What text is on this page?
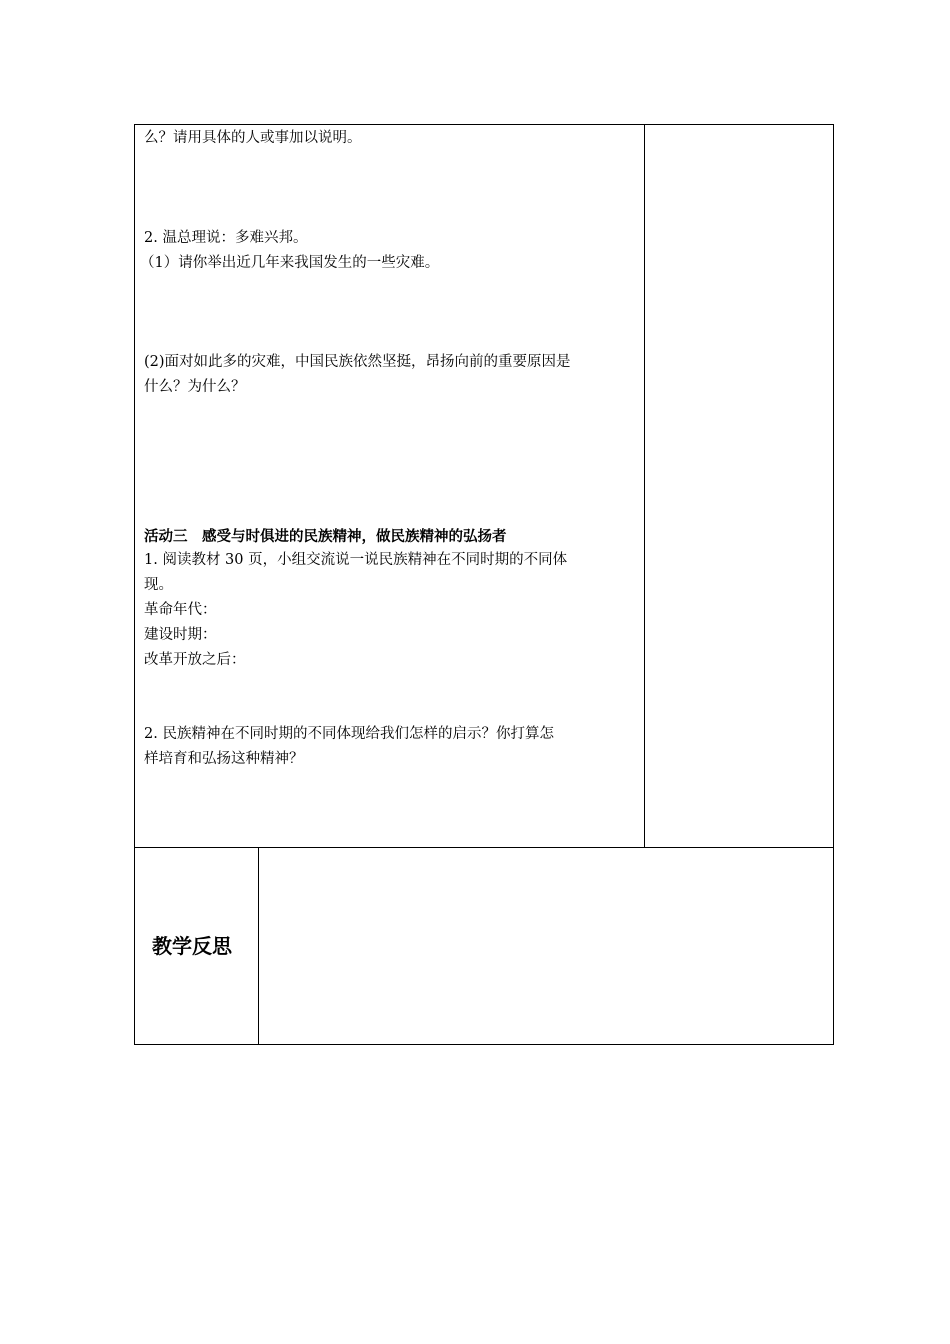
么？请用具体的人或事加以说明。
2. 温总理说：多难兴邦。
（1）请你举出近几年来我国发生的一些灾难。
(2)面对如此多的灾难，中国民族依然坚挺，昂扬向前的重要原因是
什么？为什么？
活动三　感受与时俱进的民族精神，做民族精神的弘扬者
1. 阅读教材 30 页，小组交流说一说民族精神在不同时期的不同体
现。
革命年代：
建设时期：
改革开放之后：
2. 民族精神在不同时期的不同体现给我们怎样的启示？你打算怎
样培育和弘扬这种精神？
教学反思
